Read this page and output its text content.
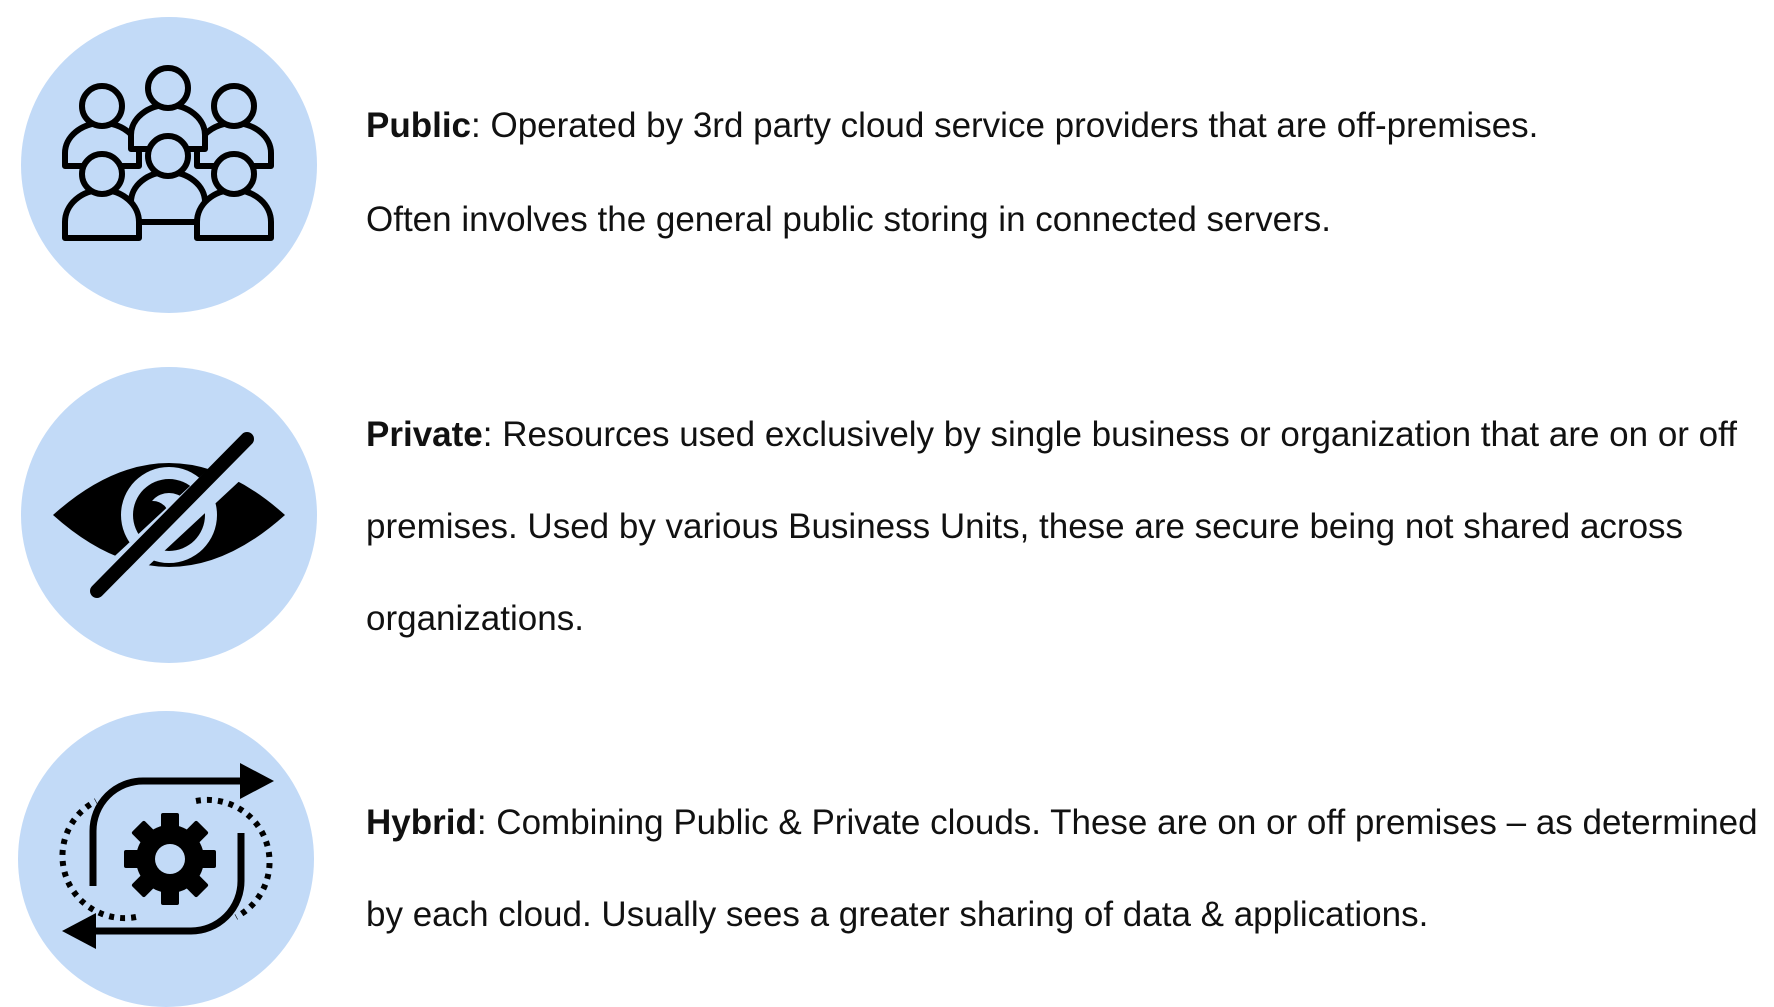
Public: Operated by 3rd party cloud service providers that are off-premises.
Often involves the general public storing in connected servers.
Private: Resources used exclusively by single business or organization that are on or off
premises. Used by various Business Units, these are secure being not shared across
organizations.
Hybrid: Combining Public & Private clouds. These are on or off premises – as determined
by each cloud. Usually sees a greater sharing of data & applications.
